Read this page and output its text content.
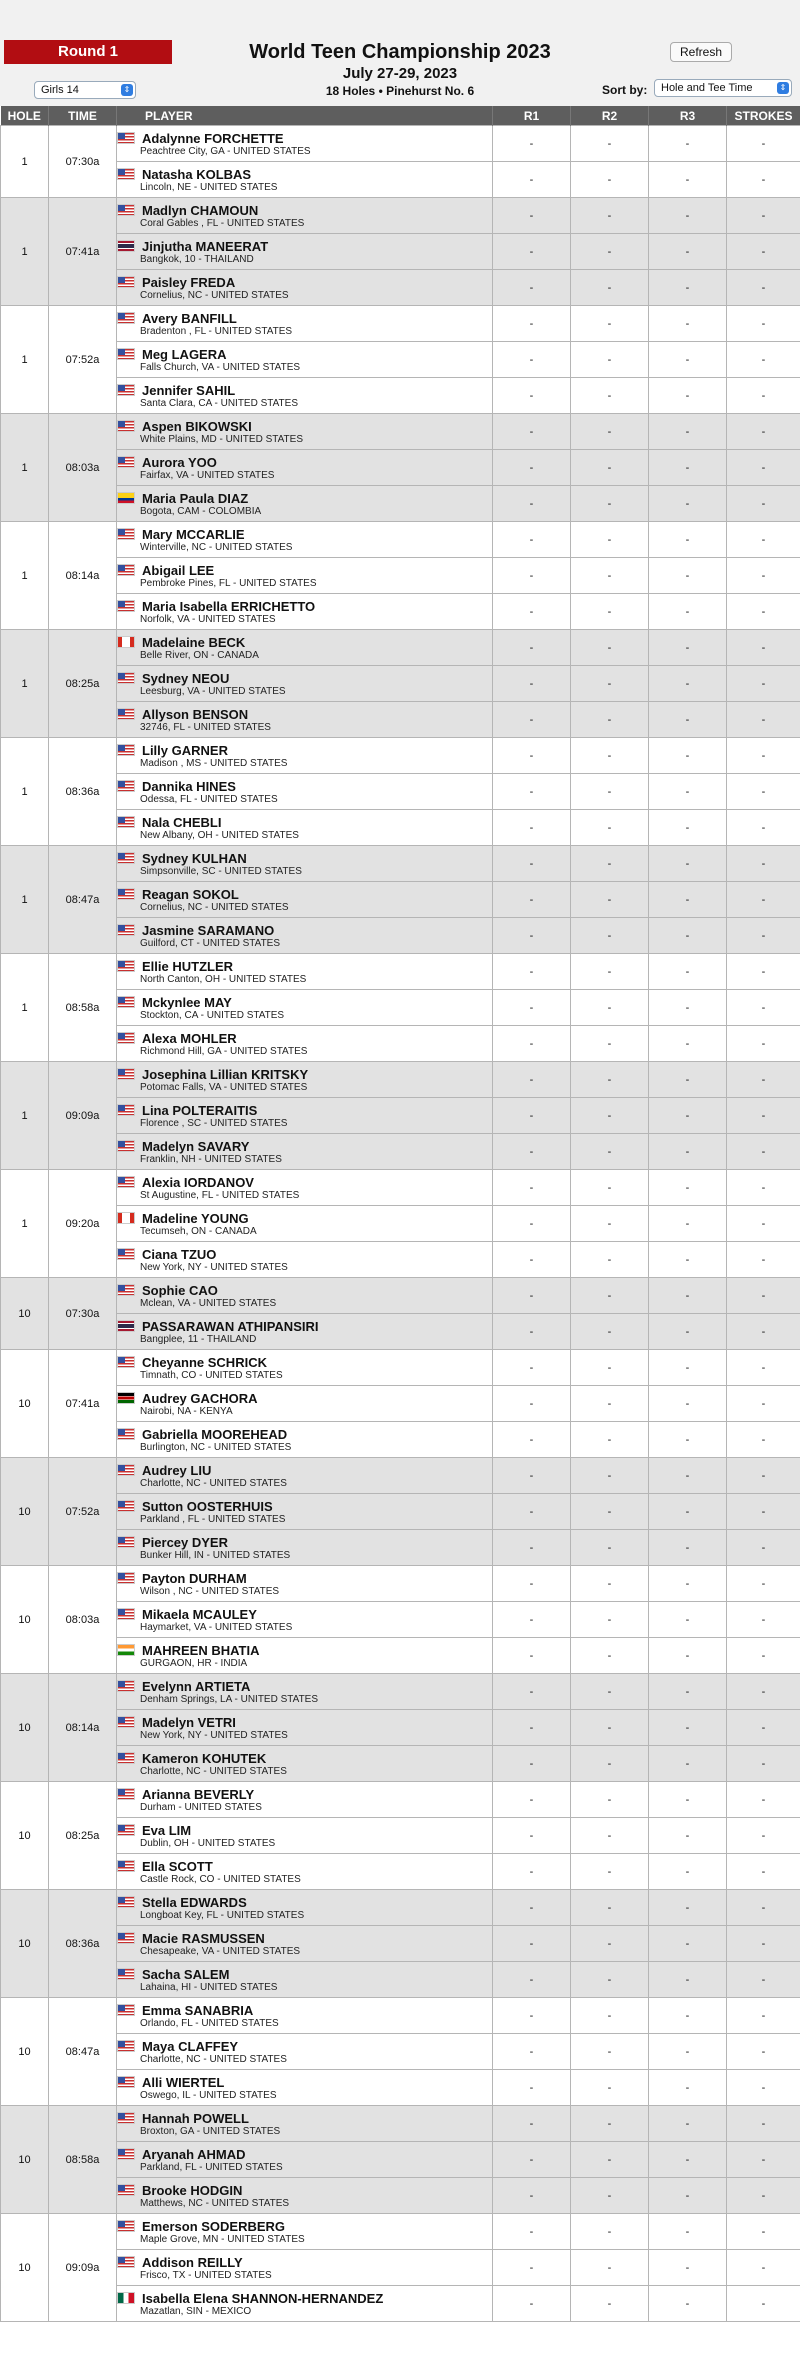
Round 1	World Teen Championship 2023
July 27-29, 2023
18 Holes • Pinehurst No. 6
Refresh
Girls 14	⇕	Sort by:	Hole and Tee Time	⇕
HOLE	TIME	PLAYER	R1	R2	R3	STROKES
1	07:30a	Adalynne FORCHETTE
Peachtree City, GA - UNITED STATES	-	-	-	-

		Natasha KOLBAS
Lincoln, NE - UNITED STATES	-	-	-	-
1	07:41a	Madlyn CHAMOUN
Coral Gables , FL - UNITED STATES	-	-	-	-

		Jinjutha MANEERAT
Bangkok, 10 - THAILAND	-	-	-	-

		Paisley FREDA
Cornelius, NC - UNITED STATES	-	-	-	-
1	07:52a	Avery BANFILL
Bradenton , FL - UNITED STATES	-	-	-	-

		Meg LAGERA
Falls Church, VA - UNITED STATES	-	-	-	-

		Jennifer SAHIL
Santa Clara, CA - UNITED STATES	-	-	-	-
1	08:03a	Aspen BIKOWSKI
White Plains, MD - UNITED STATES	-	-	-	-

		Aurora YOO
Fairfax, VA - UNITED STATES	-	-	-	-

		Maria Paula DIAZ
Bogota, CAM - COLOMBIA	-	-	-	-
1	08:14a	Mary MCCARLIE
Winterville, NC - UNITED STATES	-	-	-	-

		Abigail LEE
Pembroke Pines, FL - UNITED STATES	-	-	-	-

		Maria Isabella ERRICHETTO
Norfolk, VA - UNITED STATES	-	-	-	-
1	08:25a	Madelaine BECK
Belle River, ON - CANADA	-	-	-	-

		Sydney NEOU
Leesburg, VA - UNITED STATES	-	-	-	-

		Allyson BENSON
32746, FL - UNITED STATES	-	-	-	-
1	08:36a	Lilly GARNER
Madison , MS - UNITED STATES	-	-	-	-

		Dannika HINES
Odessa, FL - UNITED STATES	-	-	-	-

		Nala CHEBLI
New Albany, OH - UNITED STATES	-	-	-	-
1	08:47a	Sydney KULHAN
Simpsonville, SC - UNITED STATES	-	-	-	-

		Reagan SOKOL
Cornelius, NC - UNITED STATES	-	-	-	-

		Jasmine SARAMANO
Guilford, CT - UNITED STATES	-	-	-	-
1	08:58a	Ellie HUTZLER
North Canton, OH - UNITED STATES	-	-	-	-

		Mckynlee MAY
Stockton, CA - UNITED STATES	-	-	-	-

		Alexa MOHLER
Richmond Hill, GA - UNITED STATES	-	-	-	-
1	09:09a	Josephina Lillian KRITSKY
Potomac Falls, VA - UNITED STATES	-	-	-	-

		Lina POLTERAITIS
Florence , SC - UNITED STATES	-	-	-	-

		Madelyn SAVARY
Franklin, NH - UNITED STATES	-	-	-	-
1	09:20a	Alexia IORDANOV
St Augustine, FL - UNITED STATES	-	-	-	-

		Madeline YOUNG
Tecumseh, ON - CANADA	-	-	-	-

		Ciana TZUO
New York, NY - UNITED STATES	-	-	-	-
10	07:30a	Sophie CAO
Mclean, VA - UNITED STATES	-	-	-	-

		PASSARAWAN ATHIPANSIRI
Bangplee, 11 - THAILAND	-	-	-	-
10	07:41a	Cheyanne SCHRICK
Timnath, CO - UNITED STATES	-	-	-	-

		Audrey GACHORA
Nairobi, NA - KENYA	-	-	-	-

		Gabriella MOOREHEAD
Burlington, NC - UNITED STATES	-	-	-	-
10	07:52a	Audrey LIU
Charlotte, NC - UNITED STATES	-	-	-	-

		Sutton OOSTERHUIS
Parkland , FL - UNITED STATES	-	-	-	-

		Piercey DYER
Bunker Hill, IN - UNITED STATES	-	-	-	-
10	08:03a	Payton DURHAM
Wilson , NC - UNITED STATES	-	-	-	-

		Mikaela MCAULEY
Haymarket, VA - UNITED STATES	-	-	-	-

		MAHREEN BHATIA
GURGAON, HR - INDIA	-	-	-	-
10	08:14a	Evelynn ARTIETA
Denham Springs, LA - UNITED STATES	-	-	-	-

		Madelyn VETRI
New York, NY - UNITED STATES	-	-	-	-

		Kameron KOHUTEK
Charlotte, NC - UNITED STATES	-	-	-	-
10	08:25a	Arianna BEVERLY
Durham - UNITED STATES	-	-	-	-

		Eva LIM
Dublin, OH - UNITED STATES	-	-	-	-

		Ella SCOTT
Castle Rock, CO - UNITED STATES	-	-	-	-
10	08:36a	Stella EDWARDS
Longboat Key, FL - UNITED STATES	-	-	-	-

		Macie RASMUSSEN
Chesapeake, VA - UNITED STATES	-	-	-	-

		Sacha SALEM
Lahaina, HI - UNITED STATES	-	-	-	-
10	08:47a	Emma SANABRIA
Orlando, FL - UNITED STATES	-	-	-	-

		Maya CLAFFEY
Charlotte, NC - UNITED STATES	-	-	-	-

		Alli WIERTEL
Oswego, IL - UNITED STATES	-	-	-	-
10	08:58a	Hannah POWELL
Broxton, GA - UNITED STATES	-	-	-	-

		Aryanah AHMAD
Parkland, FL - UNITED STATES	-	-	-	-

		Brooke HODGIN
Matthews, NC - UNITED STATES	-	-	-	-
10	09:09a	Emerson SODERBERG
Maple Grove, MN - UNITED STATES	-	-	-	-

		Addison REILLY
Frisco, TX - UNITED STATES	-	-	-	-

		Isabella Elena SHANNON-HERNANDEZ
Mazatlan, SIN - MEXICO	-	-	-	-
